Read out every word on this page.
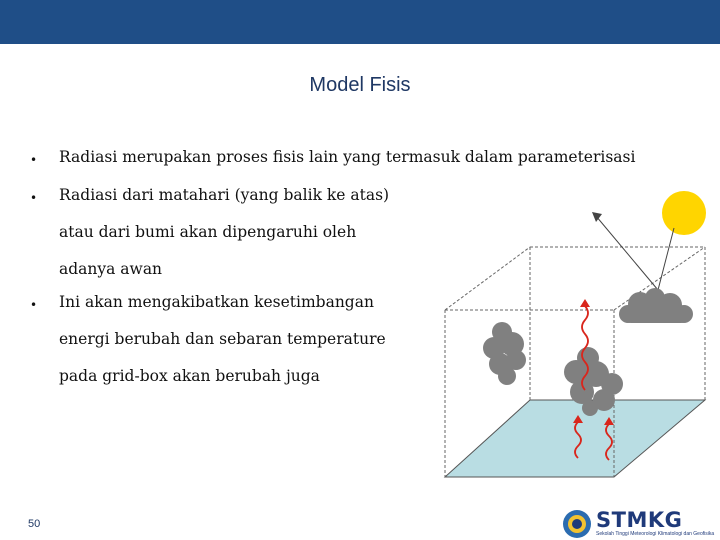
Model Fisis
• Radiasi merupakan proses fisis lain yang termasuk dalam parameterisasi
• Radiasi dari matahari (yang balik ke atas)
atau dari bumi akan dipengaruhi oleh
adanya awan
• Ini akan mengakibatkan kesetimbangan
energi berubah dan sebaran temperature
pada grid-box akan berubah juga
50	STMKG
Sekolah Tinggi Meteorologi Klimatologi dan Geofisika
